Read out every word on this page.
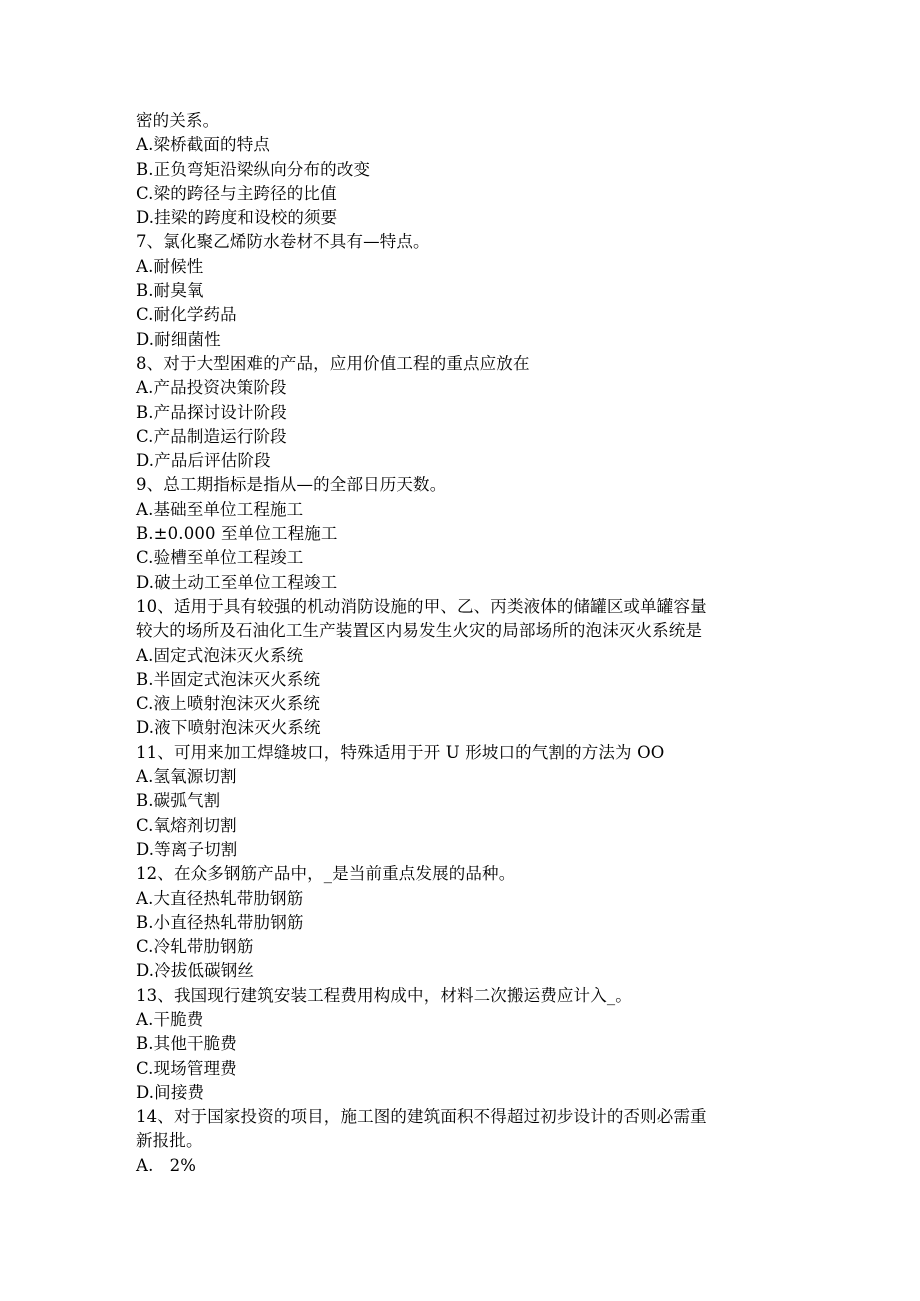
密的关系。
A.梁桥截面的特点
B.正负弯矩沿梁纵向分布的改变
C.梁的跨径与主跨径的比值
D.挂梁的跨度和设校的须要
7、氯化聚乙烯防水卷材不具有—特点。
A.耐候性
B.耐臭氧
C.耐化学药品
D.耐细菌性
8、对于大型困难的产品，应用价值工程的重点应放在
A.产品投资决策阶段
B.产品探讨设计阶段
C.产品制造运行阶段
D.产品后评估阶段
9、总工期指标是指从—的全部日历天数。
A.基础至单位工程施工
B.±0.000 至单位工程施工
C.验槽至单位工程竣工
D.破土动工至单位工程竣工
10、适用于具有较强的机动消防设施的甲、乙、丙类液体的储罐区或单罐容量
较大的场所及石油化工生产装置区内易发生火灾的局部场所的泡沫灭火系统是
A.固定式泡沫灭火系统
B.半固定式泡沫灭火系统
C.液上喷射泡沫灭火系统
D.液下喷射泡沫灭火系统
11、可用来加工焊缝坡口，特殊适用于开 U 形坡口的气割的方法为 OO
A.氢氧源切割
B.碳弧气割
C.氧熔剂切割
D.等离子切割
12、在众多钢筋产品中，_是当前重点发展的品种。
A.大直径热轧带肋钢筋
B.小直径热轧带肋钢筋
C.冷轧带肋钢筋
D.冷拔低碳钢丝
13、我国现行建筑安装工程费用构成中，材料二次搬运费应计入_。
A.干脆费
B.其他干脆费
C.现场管理费
D.间接费
14、对于国家投资的项目，施工图的建筑面积不得超过初步设计的否则必需重
新报批。
A.   2%
